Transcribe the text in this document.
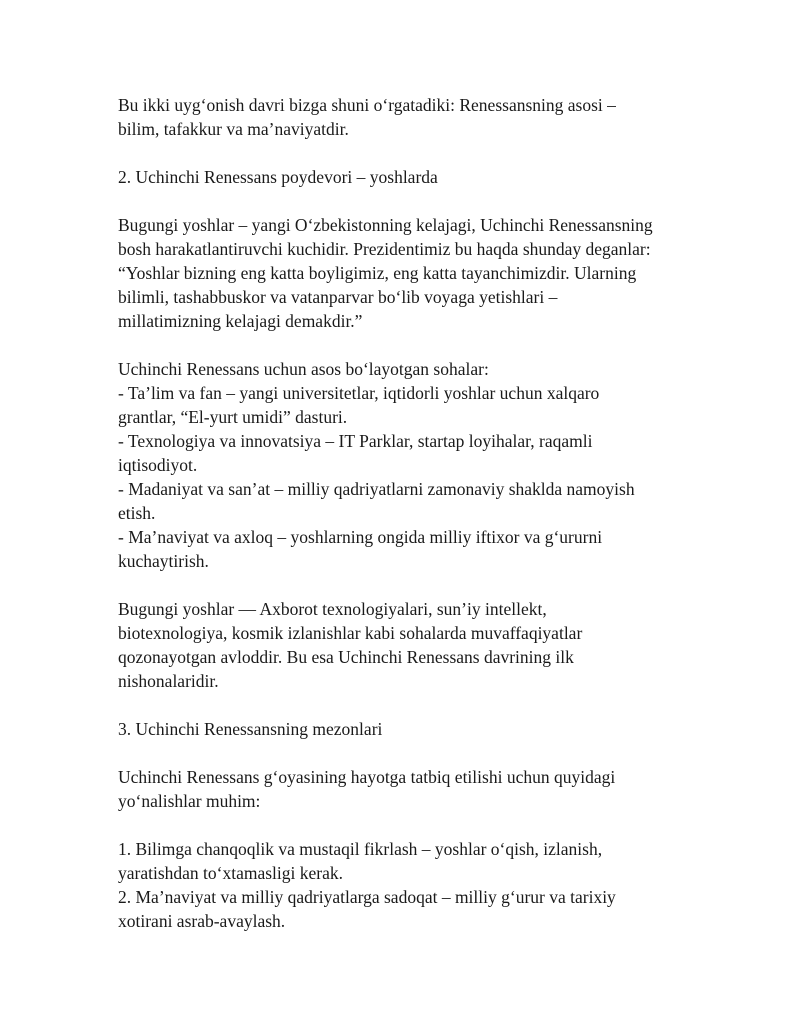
Bu ikki uyg‘onish davri bizga shuni o‘rgatadiki: Renessansning asosi –
bilim, tafakkur va ma’naviyatdir.

2. Uchinchi Renessans poydevori – yoshlarda

Bugungi yoshlar – yangi O‘zbekistonning kelajagi, Uchinchi Renessansning
bosh harakatlantiruvchi kuchidir. Prezidentimiz bu haqda shunday deganlar:
“Yoshlar bizning eng katta boyligimiz, eng katta tayanchimizdir. Ularning
bilimli, tashabbuskor va vatanparvar bo‘lib voyaga yetishlari –
millatimizning kelajagi demakdir.”

Uchinchi Renessans uchun asos bo‘layotgan sohalar:
- Ta’lim va fan – yangi universitetlar, iqtidorli yoshlar uchun xalqaro
grantlar, “El-yurt umidi” dasturi.
- Texnologiya va innovatsiya – IT Parklar, startap loyihalar, raqamli
iqtisodiyot.
- Madaniyat va san’at – milliy qadriyatlarni zamonaviy shaklda namoyish
etish.
- Ma’naviyat va axloq – yoshlarning ongida milliy iftixor va g‘ururni
kuchaytirish.

Bugungi yoshlar — Axborot texnologiyalari, sun’iy intellekt,
biotexnologiya, kosmik izlanishlar kabi sohalarda muvaffaqiyatlar
qozonayotgan avloddir. Bu esa Uchinchi Renessans davrining ilk
nishonalaridir.

3. Uchinchi Renessansning mezonlari

Uchinchi Renessans g‘oyasining hayotga tatbiq etilishi uchun quyidagi
yo‘nalishlar muhim:

1. Bilimga chanqoqlik va mustaqil fikrlash – yoshlar o‘qish, izlanish,
yaratishdan to‘xtamasligi kerak.
2. Ma’naviyat va milliy qadriyatlarga sadoqat – milliy g‘urur va tarixiy
xotirani asrab-avaylash.
